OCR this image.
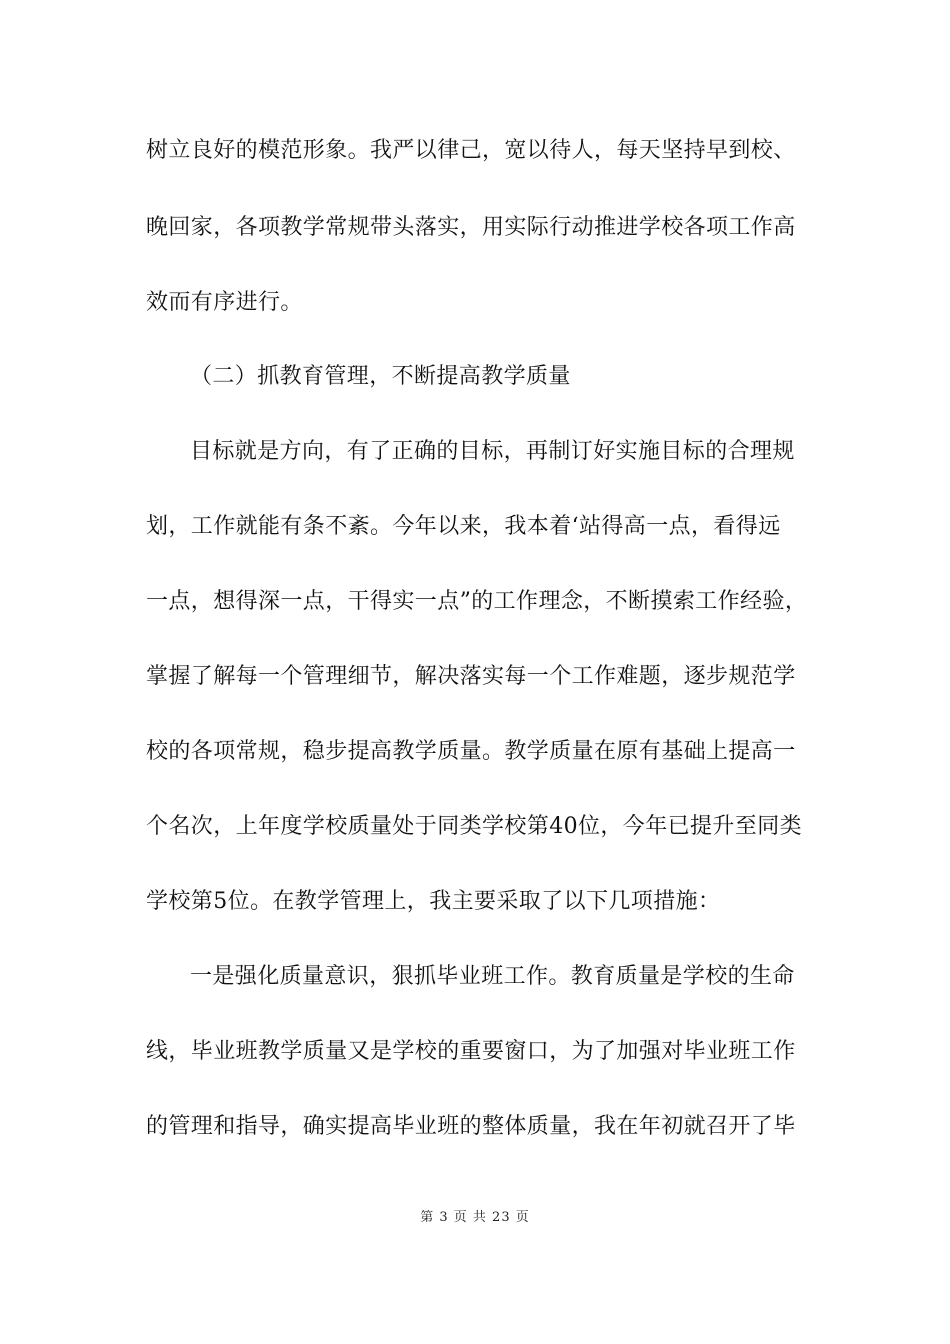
树立良好的模范形象。我严以律己，宽以待人，每天坚持早到校、
晚回家，各项教学常规带头落实，用实际行动推进学校各项工作高
效而有序进行。
（二）抓教育管理，不断提高教学质量
目标就是方向，有了正确的目标，再制订好实施目标的合理规
划，工作就能有条不紊。今年以来，我本着‘站得高一点，看得远
一点，想得深一点，干得实一点”的工作理念，不断摸索工作经验，
掌握了解每一个管理细节，解决落实每一个工作难题，逐步规范学
校的各项常规，稳步提高教学质量。教学质量在原有基础上提高一
个名次，上年度学校质量处于同类学校第40位，今年已提升至同类
学校第5位。在教学管理上，我主要采取了以下几项措施：
一是强化质量意识，狠抓毕业班工作。教育质量是学校的生命
线，毕业班教学质量又是学校的重要窗口，为了加强对毕业班工作
的管理和指导，确实提高毕业班的整体质量，我在年初就召开了毕
第 3 页 共 23 页
